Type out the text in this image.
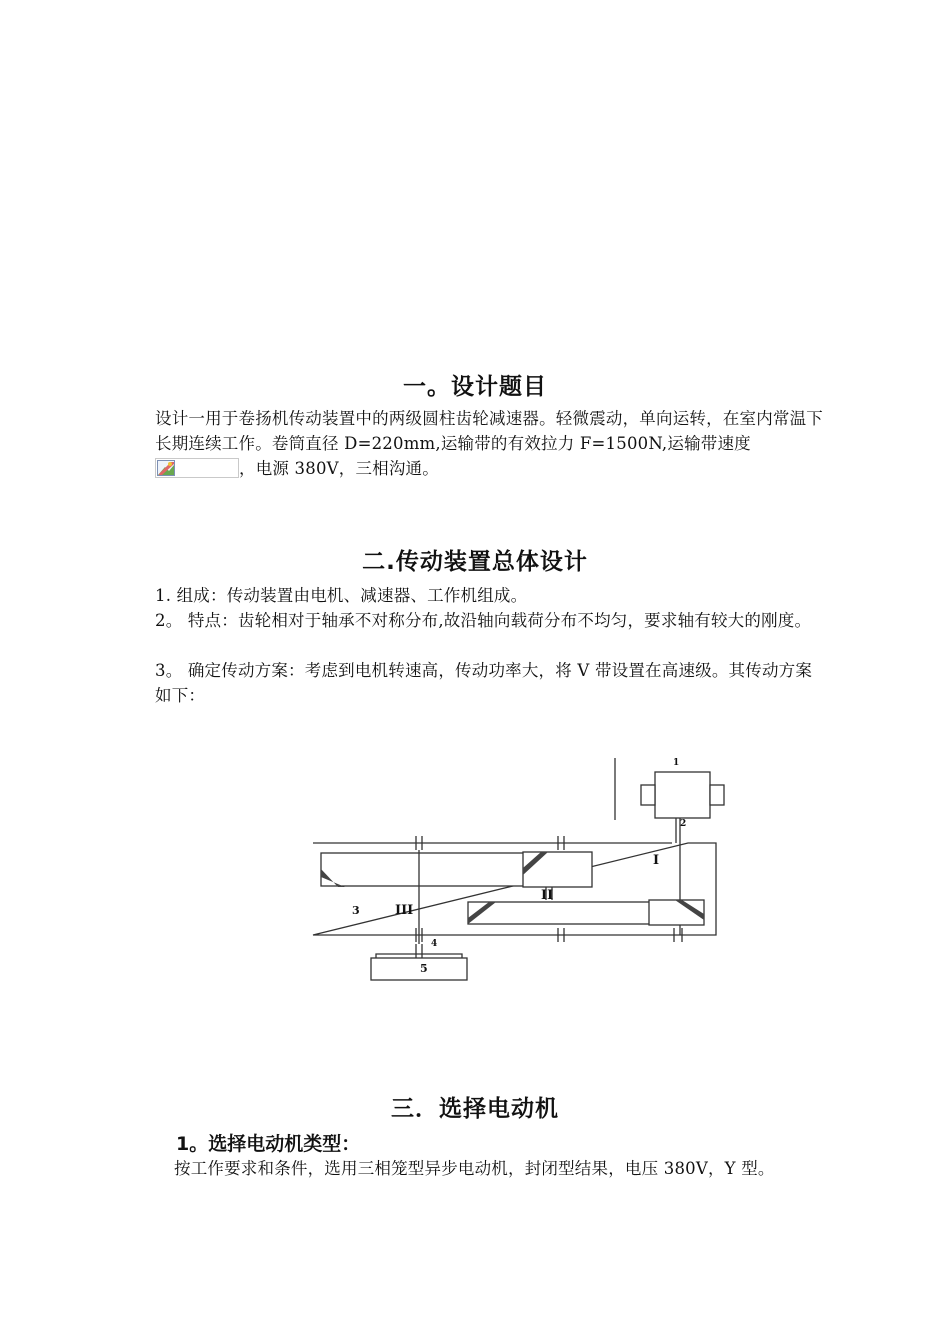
一。设计题目

设计一用于卷扬机传动装置中的两级圆柱齿轮减速器。轻微震动，单向运转，在室内常温下长期连续工作。卷筒直径 D=220mm,运输带的有效拉力 F=1500N,运输带速度
，电源 380V，三相沟通。

二.传动装置总体设计

1. 组成：传动装置由电机、减速器、工作机组成。

2。 特点：齿轮相对于轴承不对称分布,故沿轴向载荷分布不均匀，要求轴有较大的刚度。

3。 确定传动方案：考虑到电机转速高，传动功率大，将 V 带设置在高速级。其传动方案如下：

1
2
4
3
5
I
II
III
三．选择电动机

1。选择电动机类型：

按工作要求和条件，选用三相笼型异步电动机，封闭型结果，电压 380V，Y 型。
